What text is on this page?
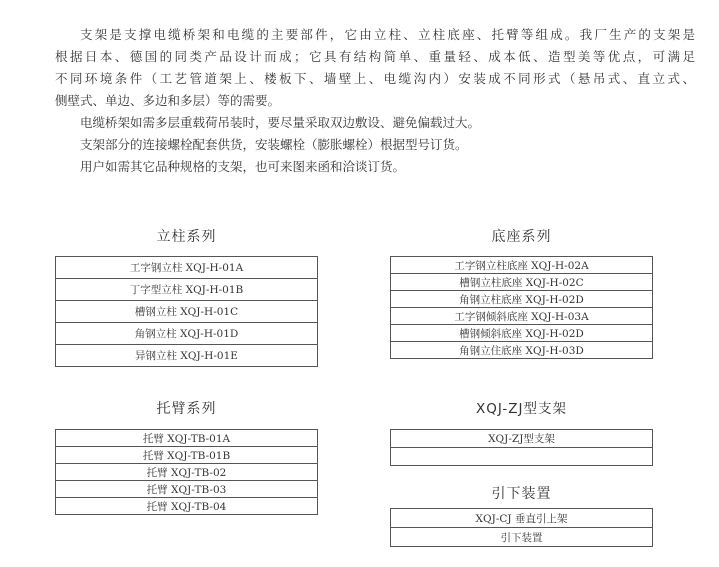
支架是支撑电缆桥架和电缆的主要部件，它由立柱、立柱底座、托臂等组成。我厂生产的支架是

根据日本、德国的同类产品设计而成；它具有结构简单、重量轻、成本低、造型美等优点，可满足

不同环境条件（工艺管道架上、楼板下、墙壁上、电缆沟内）安装成不同形式（悬吊式、直立式、

侧壁式、单边、多边和多层）等的需要。

电缆桥架如需多层重载荷吊装时，要尽量采取双边敷设、避免偏载过大。

支架部分的连接螺栓配套供货，安装螺栓（膨胀螺栓）根据型号订货。

用户如需其它品种规格的支架，也可来图来函和洽谈订货。

立柱系列
工字钢立柱 XQJ-H-01A
丁字型立柱 XQJ-H-01B
槽钢立柱 XQJ-H-01C
角钢立柱 XQJ-H-01D
异钢立柱 XQJ-H-01E
底座系列
工字钢立柱底座 XQJ-H-02A
槽钢立柱底座 XQJ-H-02C
角钢立柱底座 XQJ-H-02D
工字钢倾斜底座 XQJ-H-03A
槽钢倾斜底座 XQJ-H-02D
角钢立住底座 XQJ-H-03D
托臂系列
托臂 XQJ-TB-01A
托臂 XQJ-TB-01B
托臂 XQJ-TB-02
托臂 XQJ-TB-03
托臂 XQJ-TB-04
XQJ-ZJ型支架
XQJ-ZJ型支架

引下装置
XQJ-CJ 垂直引上架
引下装置
